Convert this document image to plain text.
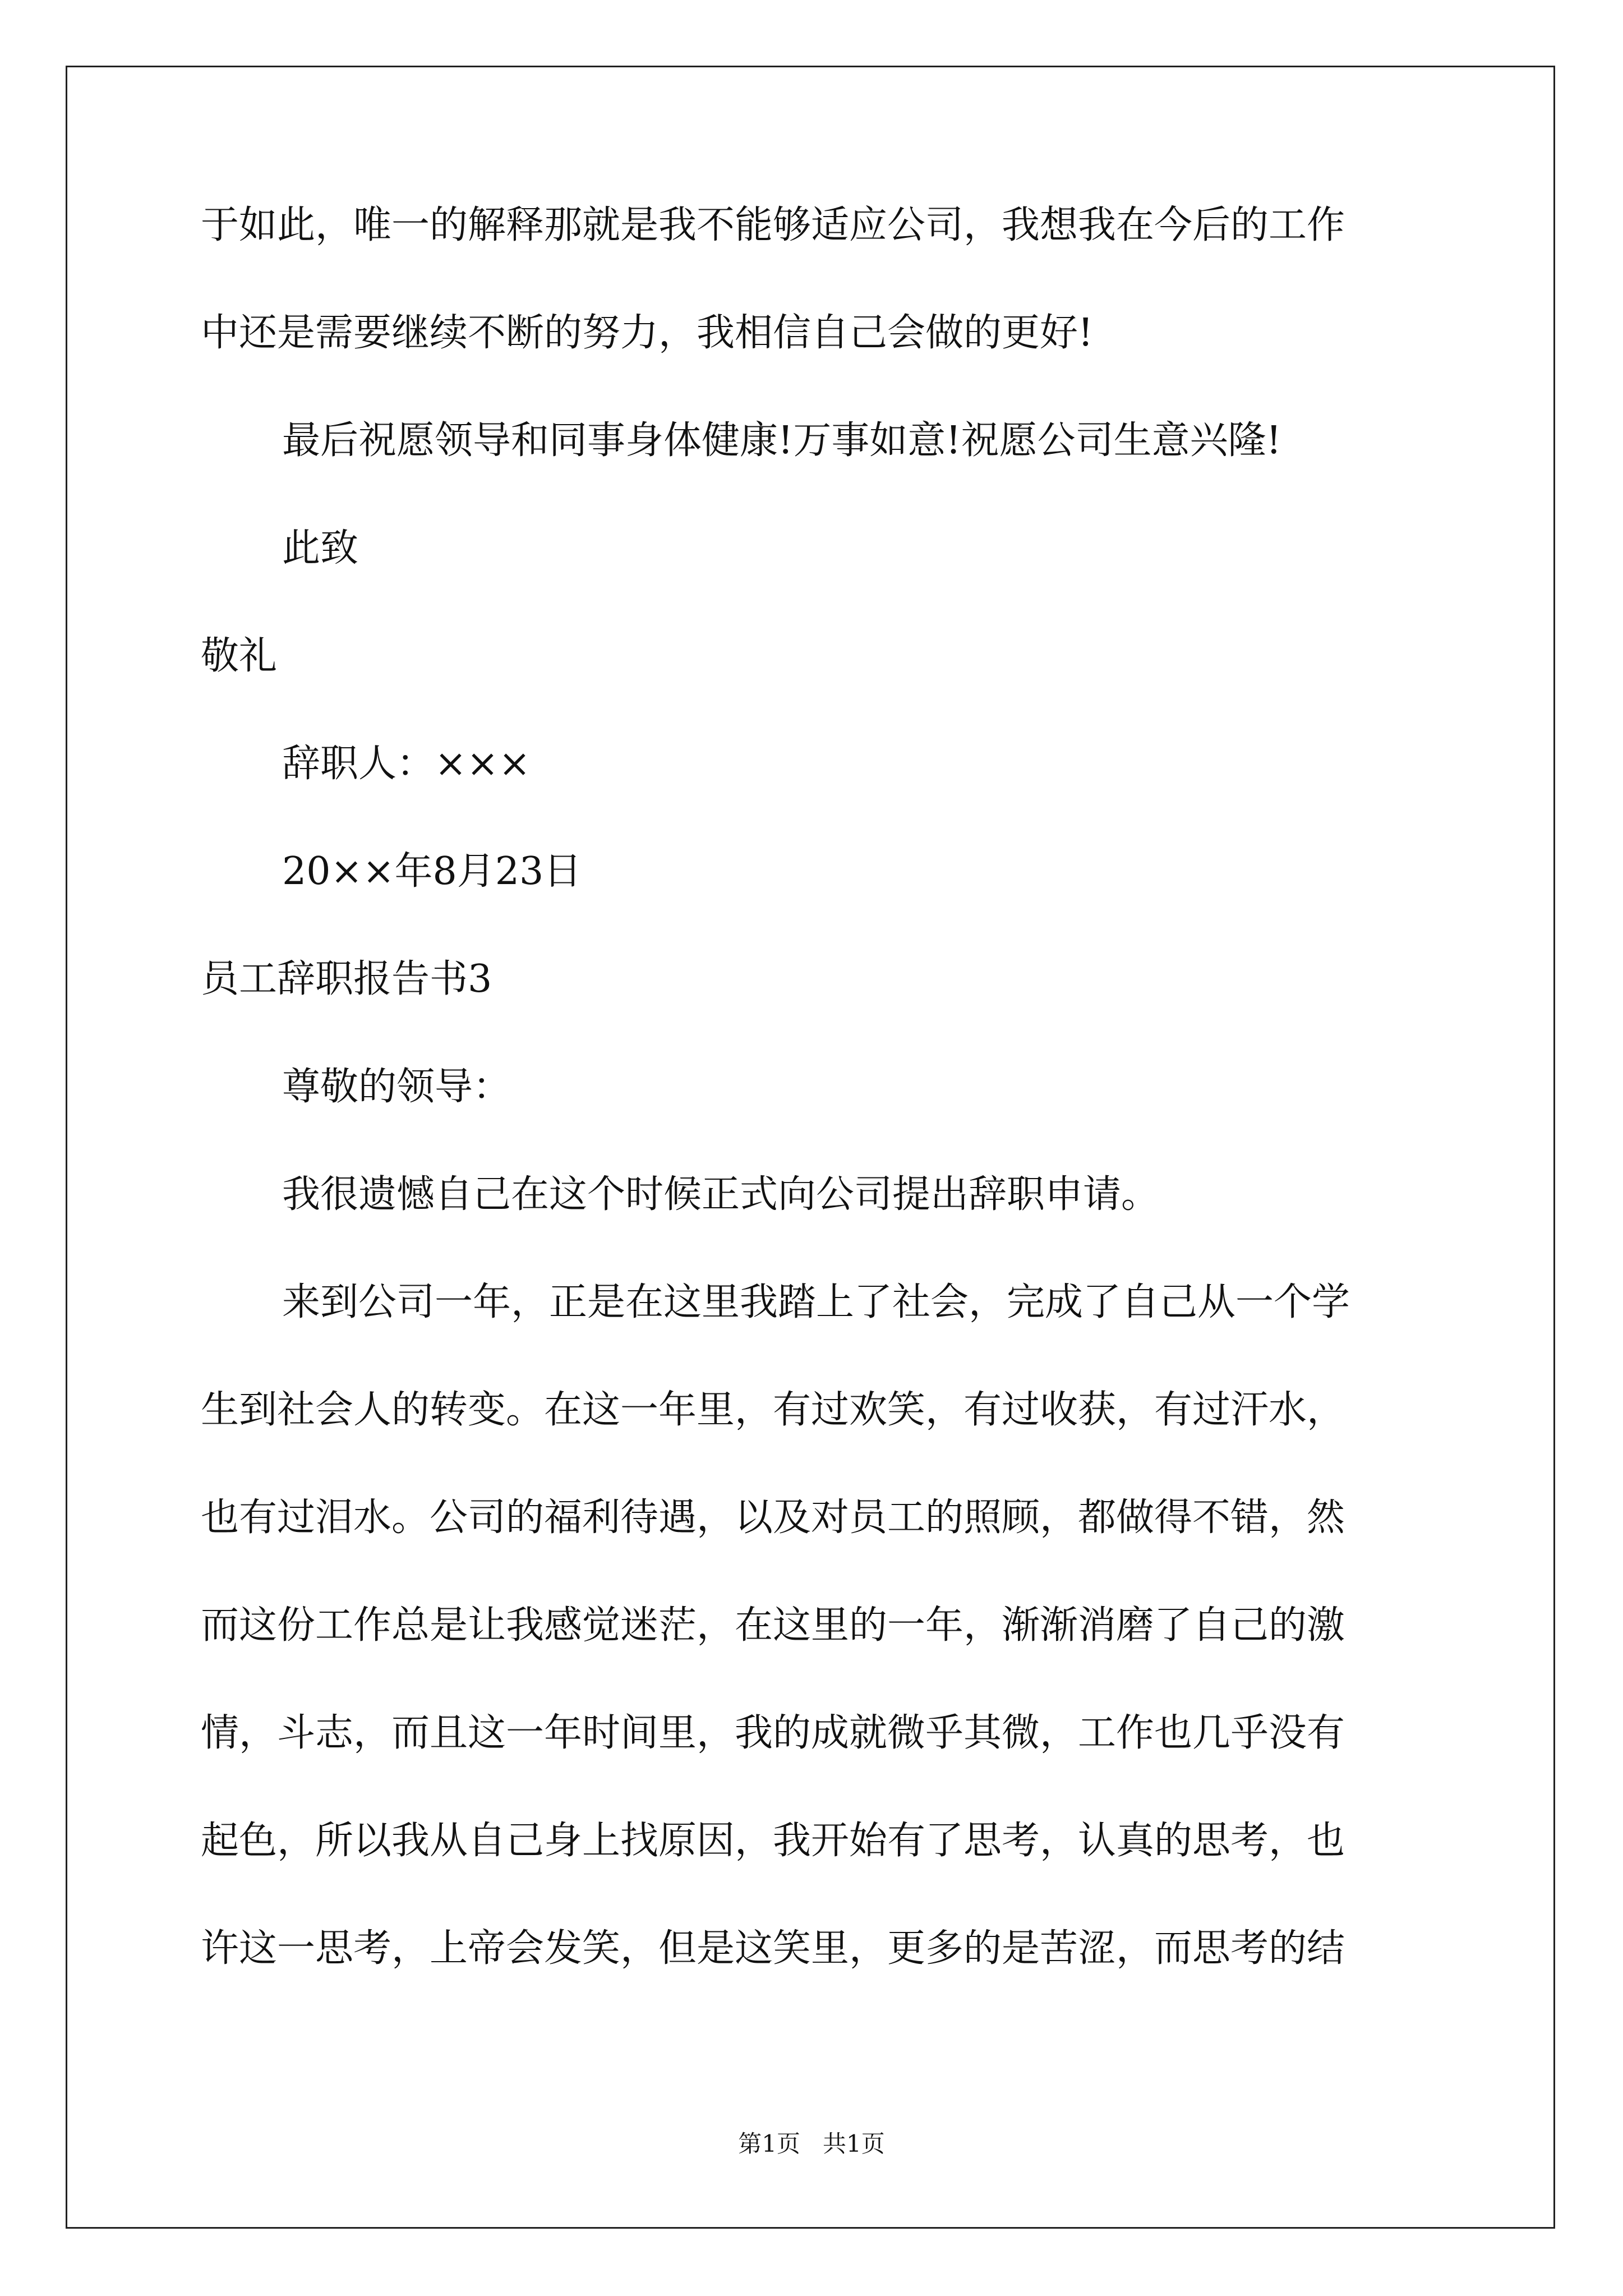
于如此，唯一的解释那就是我不能够适应公司，我想我在今后的工作
中还是需要继续不断的努力，我相信自己会做的更好!
最后祝愿领导和同事身体健康!万事如意!祝愿公司生意兴隆!
此致
敬礼
辞职人：×××
20××年8月23日
员工辞职报告书3
尊敬的领导：
我很遗憾自己在这个时候正式向公司提出辞职申请。
来到公司一年，正是在这里我踏上了社会，完成了自己从一个学
生到社会人的转变。在这一年里，有过欢笑，有过收获，有过汗水，
也有过泪水。公司的福利待遇，以及对员工的照顾，都做得不错，然
而这份工作总是让我感觉迷茫，在这里的一年，渐渐消磨了自己的激
情，斗志，而且这一年时间里，我的成就微乎其微，工作也几乎没有
起色，所以我从自己身上找原因，我开始有了思考，认真的思考，也
许这一思考，上帝会发笑，但是这笑里，更多的是苦涩，而思考的结
第1页   共1页
